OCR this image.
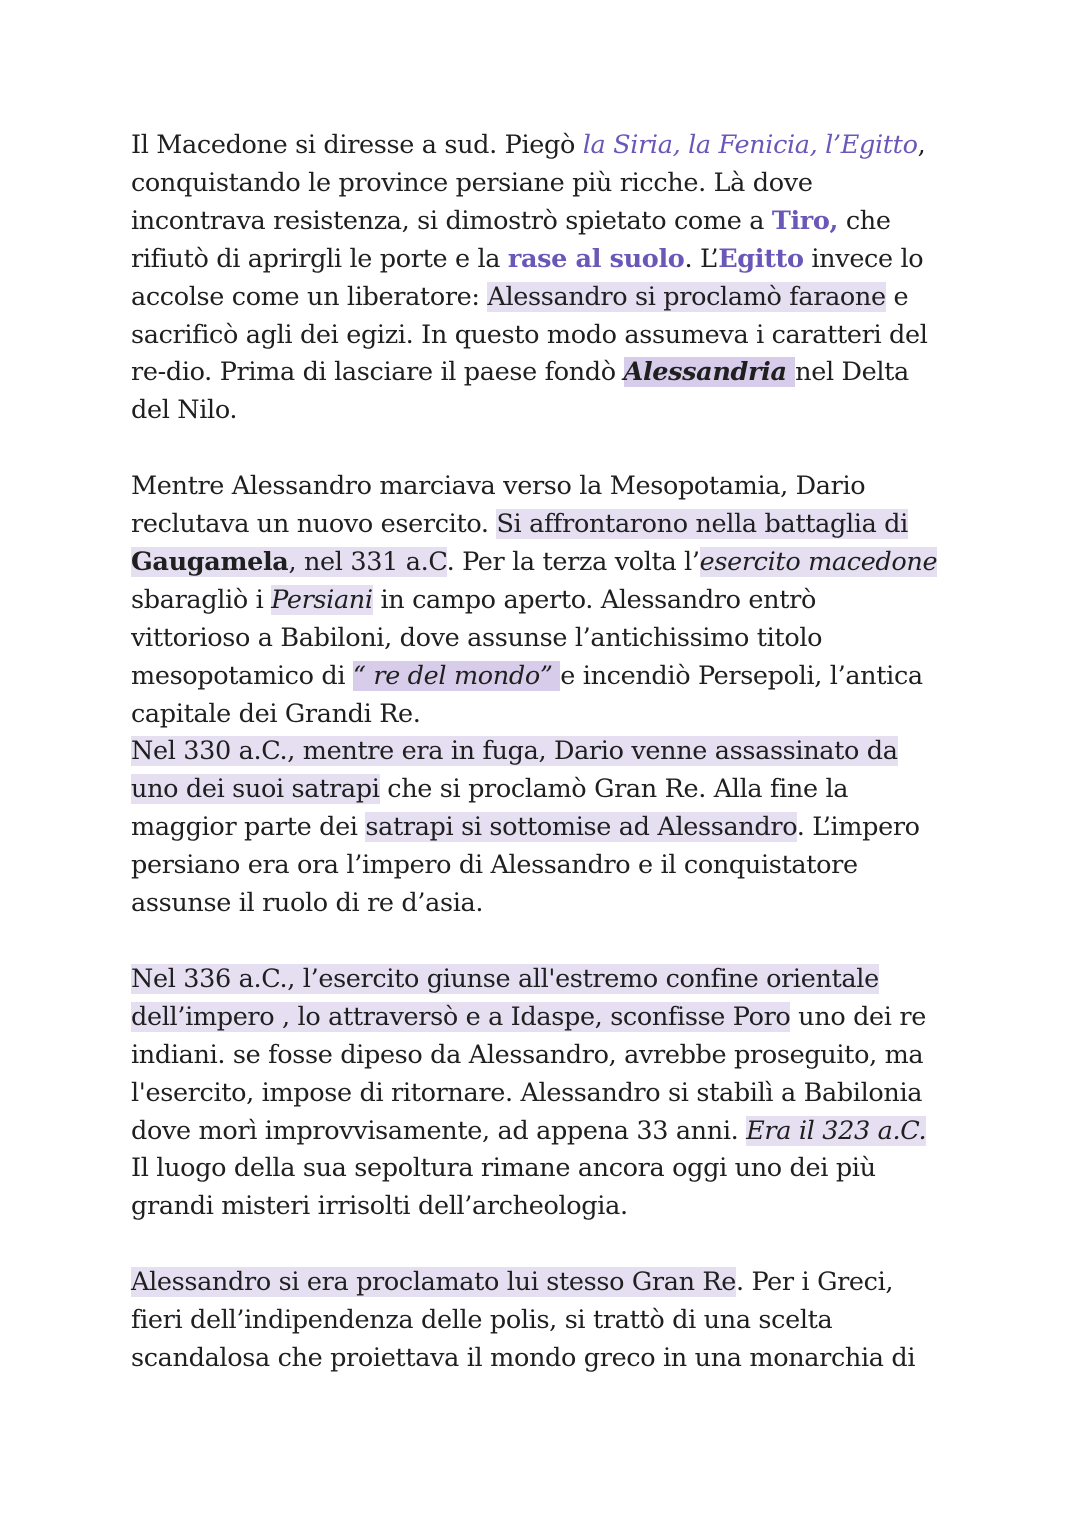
Il Macedone si diresse a sud. Piegò la Siria, la Fenicia, l’Egitto,
conquistando le province persiane più ricche. Là dove
incontrava resistenza, si dimostrò spietato come a Tiro, che
rifiutò di aprirgli le porte e la rase al suolo. L’Egitto invece lo
accolse come un liberatore: Alessandro si proclamò faraone e
sacrificò agli dei egizi. In questo modo assumeva i caratteri del
re-dio. Prima di lasciare il paese fondò Alessandria nel Delta
del Nilo.
Mentre Alessandro marciava verso la Mesopotamia, Dario
reclutava un nuovo esercito. Si affrontarono nella battaglia di
Gaugamela, nel 331 a.C. Per la terza volta l’esercito macedone
sbaragliò i Persiani in campo aperto. Alessandro entrò
vittorioso a Babiloni, dove assunse l’antichissimo titolo
mesopotamico di “ re del mondo” e incendiò Persepoli, l’antica
capitale dei Grandi Re.
Nel 330 a.C., mentre era in fuga, Dario venne assassinato da
uno dei suoi satrapi che si proclamò Gran Re. Alla fine la
maggior parte dei satrapi si sottomise ad Alessandro. L’impero
persiano era ora l’impero di Alessandro e il conquistatore
assunse il ruolo di re d’asia.
Nel 336 a.C., l’esercito giunse all'estremo confine orientale
dell’impero , lo attraversò e a Idaspe, sconfisse Poro uno dei re
indiani. se fosse dipeso da Alessandro, avrebbe proseguito, ma
l'esercito, impose di ritornare. Alessandro si stabilì a Babilonia
dove morì improvvisamente, ad appena 33 anni. Era il 323 a.C.
Il luogo della sua sepoltura rimane ancora oggi uno dei più
grandi misteri irrisolti dell’archeologia.
Alessandro si era proclamato lui stesso Gran Re. Per i Greci,
fieri dell’indipendenza delle polis, si trattò di una scelta
scandalosa che proiettava il mondo greco in una monarchia di
